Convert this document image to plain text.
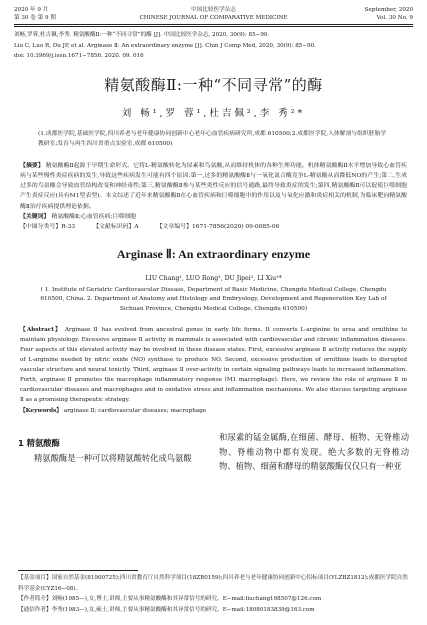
2020 年 9 月
第 30 卷 第 9 期
中国比较医学杂志
CHINESE JOURNAL OF COMPARATIVE MEDICINE
September, 2020
Vol. 30 No. 9
刘畅,罗蓉,杜吉佩,李秀. 精氨酸酶Ⅱ:一种“不同寻常”的酶 [J]. 中国比较医学杂志, 2020, 30(9): 85−90.
Liu C, Luo R, Du JP, et al. Arginase Ⅱ: An extraordinary enzyme [J]. Chin J Comp Med, 2020, 30(9): 85−90.
doi: 10.3969/j.issn.1671−7856. 2020. 09. 016
精氨酸酶Ⅱ:一种“不同寻常”的酶
刘 畅¹,罗 蓉¹,杜吉佩²,李 秀²*
(1.成都医学院,基础医学院,四川养老与老年健康协同创新中心老年心血管疾病研究所,成都 610500;2.成都医学院,人体解剖与组织胚胎学教研室;发育与再生四川省重点实验室,成都 610500)
【摘要】 精氨酸酶Ⅱ起源于早期生命形式。它将L-精氨酸转化为尿素和鸟氨酸,从而维持机体的各种生理功能。机体精氨酸酶Ⅱ水平增加导致心血管疾病与某些慢性炎症疾病的发生,导致这些疾病发生可能有四个原因:第一,过多的精氨酸酶Ⅱ与一氧化氮合酶竞争L-精氨酸从而降低NO的产生;第二,生成过多的鸟氨酸会导致血管结构改变和神经毒性;第三,精氨酸酶Ⅱ参与某些炎性反应的信号通路,最终导致炎症的发生;第四,精氨酸酶Ⅱ可以促使巨噬细胞产生炎症反应(具有M1型表型)。本文综述了近年来精氨酸酶Ⅱ在心血管疾病和巨噬细胞中的作用以及与氧化应激和炎症相关的机制,为临床靶向精氨酸酶Ⅱ治疗疾病提供理论依据。
【关键词】 精氨酸酶Ⅱ;心血管疾病;巨噬细胞
【中图分类号】R-33	【文献标识码】A	【文章编号】1671-7856(2020) 09-0085-06
Arginase Ⅱ: An extraordinary enzyme
LIU Chang¹, LUO Rong¹, DU Jipei², LI Xiu²*
( 1. Institute of Geriatric Cardiovascular Disease, Department of Basic Medicine, Chengdu Medical College, Chengdu 610500, China. 2. Department of Anatomy and Histology and Embryology, Development and Regeneration Key Lab of Sichuan Province, Chengdu Medical College, Chengdu 610500)
【Abstract】 Arginase Ⅱ has evolved from ancestral genes in early life forms. It converts L-arginine to urea and ornithine to maintain physiology. Excessive arginase Ⅱ activity in mammals is associated with cardiovascular and chronic inflammation diseases. Four aspects of this elevated activity may be involved in these disease states. First, excessive arginase Ⅱ activity reduces the supply of L-arginine needed by nitric oxide (NO) synthase to produce NO. Second, excessive production of ornithine leads to disrupted vascular structure and neural toxicity. Third, arginase Ⅱ over-activity in certain signaling pathways leads to increased inflammation. Forth, arginase Ⅱ promotes the macrophage inflammatory response (M1 macrophage). Here, we review the role of arginase Ⅱ in cardiovascular diseases and macrophages and in oxidative stress and inflammation mechanisms. We also discuss targeting arginase Ⅱ as a promising therapeutic strategy.
【Keywords】 arginase Ⅱ; cardiovascular diseases; macrophage
1 精氨酸酶
精氨酸酶是一种可以将精氨酸转化成鸟氨酸
和尿素的锰金属酶,在细菌、酵母、植物、无脊椎动物、脊椎动物中都有发现。绝大多数的无脊椎动物、植物、细菌和酵母的精氨酸酶仅仅只有一种亚
【基金项目】国家自然基金(81900725);四川省教育厅自然科学项目(18ZB0159);四川养老与老年健康协同创新中心招标项目(YLZBZ1812);成都医学院自然科学基金(CYZ16−08)。
【作者简介】刘畅(1985—),女,博士,讲师,主要从事精氨酸酶和其异常信号的研究。E−mail:liuchang198507@126.com
【通信作者】李秀(1983—),女,硕士,讲师,主要从事精氨酸酶和其异常信号的研究。E−mail:18080183839@163.com
